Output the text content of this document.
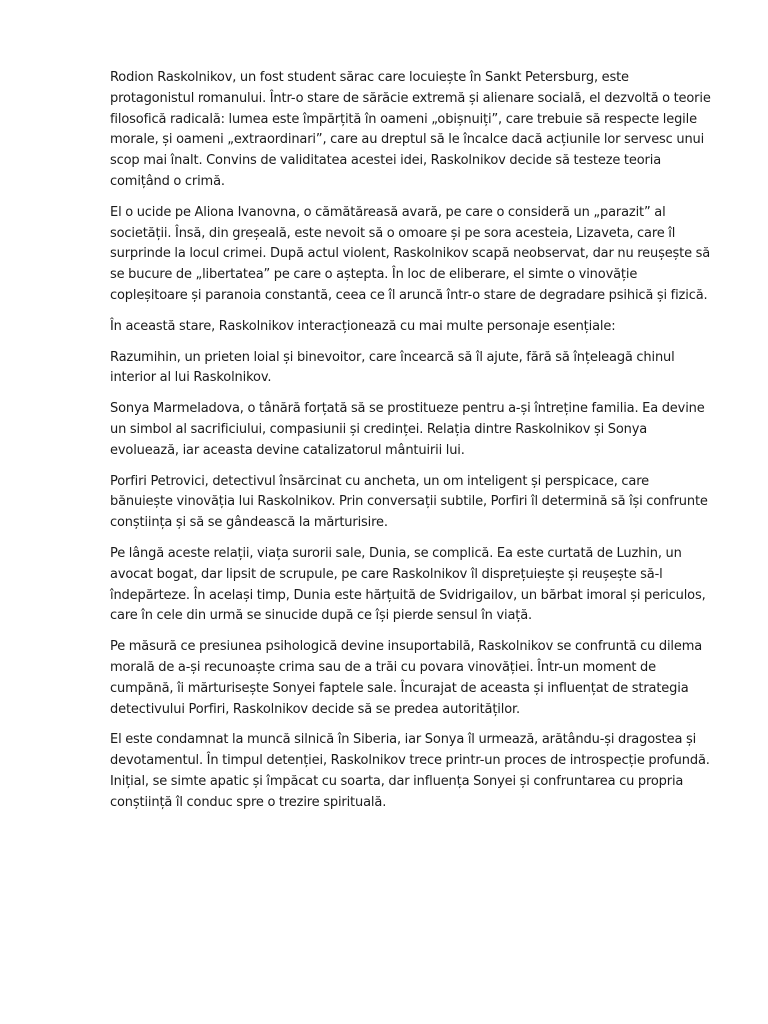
Rodion Raskolnikov, un fost student sărac care locuiește în Sankt Petersburg, este protagonistul romanului. Într-o stare de sărăcie extremă și alienare socială, el dezvoltă o teorie filosofică radicală: lumea este împărțită în oameni „obișnuiți”, care trebuie să respecte legile morale, și oameni „extraordinari”, care au dreptul să le încalce dacă acțiunile lor servesc unui scop mai înalt. Convins de validitatea acestei idei, Raskolnikov decide să testeze teoria comițând o crimă.

El o ucide pe Aliona Ivanovna, o cămătăreasă avară, pe care o consideră un „parazit” al societății. Însă, din greșeală, este nevoit să o omoare și pe sora acesteia, Lizaveta, care îl surprinde la locul crimei. După actul violent, Raskolnikov scapă neobservat, dar nu reușește să se bucure de „libertatea” pe care o aștepta. În loc de eliberare, el simte o vinovăție copleșitoare și paranoia constantă, ceea ce îl aruncă într-o stare de degradare psihică și fizică.

În această stare, Raskolnikov interacționează cu mai multe personaje esențiale:

Razumihin, un prieten loial și binevoitor, care încearcă să îl ajute, fără să înțeleagă chinul interior al lui Raskolnikov.

Sonya Marmeladova, o tânără forțată să se prostitueze pentru a-și întreține familia. Ea devine un simbol al sacrificiului, compasiunii și credinței. Relația dintre Raskolnikov și Sonya evoluează, iar aceasta devine catalizatorul mântuirii lui.

Porfiri Petrovici, detectivul însărcinat cu ancheta, un om inteligent și perspicace, care bănuiește vinovăția lui Raskolnikov. Prin conversații subtile, Porfiri îl determină să își confrunte conștiința și să se gândească la mărturisire.

Pe lângă aceste relații, viața surorii sale, Dunia, se complică. Ea este curtată de Luzhin, un avocat bogat, dar lipsit de scrupule, pe care Raskolnikov îl disprețuiește și reușește să-l îndepărteze. În același timp, Dunia este hărțuită de Svidrigailov, un bărbat imoral și periculos, care în cele din urmă se sinucide după ce își pierde sensul în viață.

Pe măsură ce presiunea psihologică devine insuportabilă, Raskolnikov se confruntă cu dilema morală de a-și recunoaște crima sau de a trăi cu povara vinovăției. Într-un moment de cumpănă, îi mărturisește Sonyei faptele sale. Încurajat de aceasta și influențat de strategia detectivului Porfiri, Raskolnikov decide să se predea autorităților.

El este condamnat la muncă silnică în Siberia, iar Sonya îl urmează, arătându-și dragostea și devotamentul. În timpul detenției, Raskolnikov trece printr-un proces de introspecție profundă. Inițial, se simte apatic și împăcat cu soarta, dar influența Sonyei și confruntarea cu propria conștiință îl conduc spre o trezire spirituală.
